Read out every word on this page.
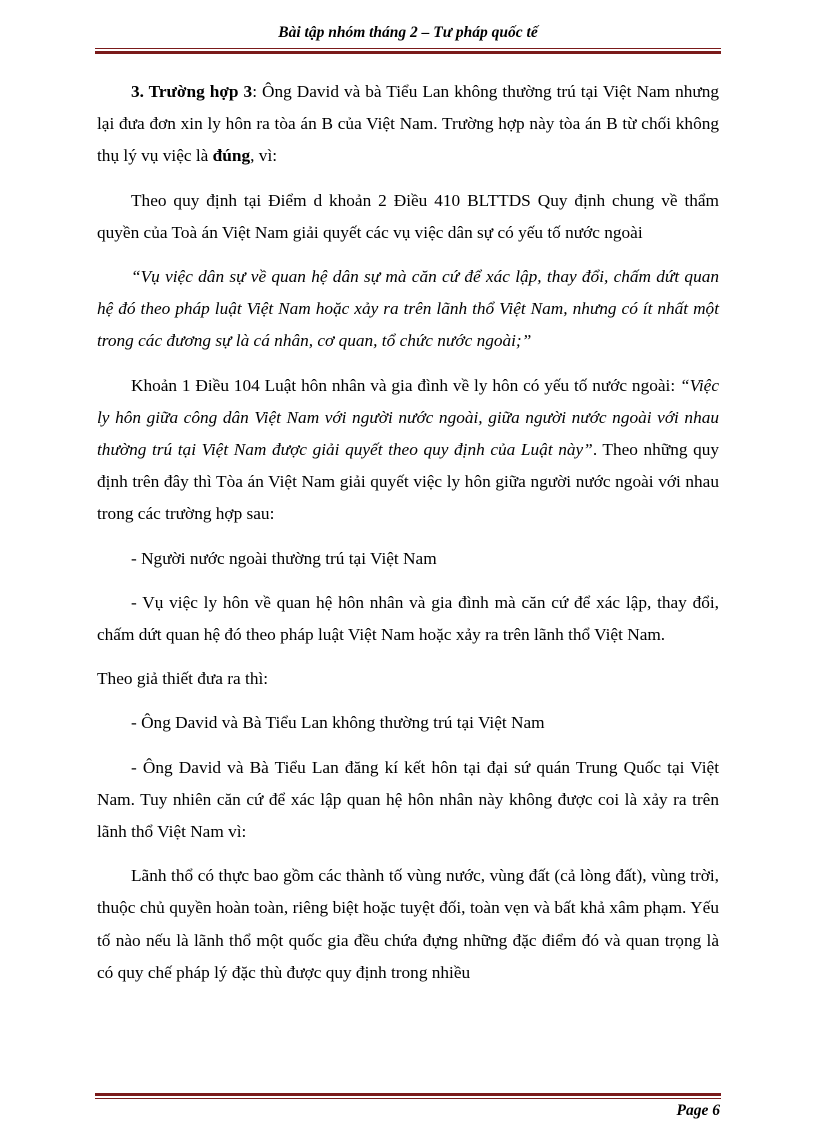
Bài tập nhóm tháng 2 – Tư pháp quốc tế

3. Trường hợp 3: Ông David và bà Tiểu Lan không thường trú tại Việt Nam nhưng lại đưa đơn xin ly hôn ra tòa án B của Việt Nam. Trường hợp này tòa án B từ chối không thụ lý vụ việc là đúng, vì:

Theo quy định tại Điểm d khoản 2 Điều 410 BLTTDS Quy định chung về thẩm quyền của Toà án Việt Nam giải quyết các vụ việc dân sự có yếu tố nước ngoài

“Vụ việc dân sự về quan hệ dân sự mà căn cứ để xác lập, thay đổi, chấm dứt quan hệ đó theo pháp luật Việt Nam hoặc xảy ra trên lãnh thổ Việt Nam, nhưng có ít nhất một trong các đương sự là cá nhân, cơ quan, tổ chức nước ngoài;”

Khoản 1 Điều 104 Luật hôn nhân và gia đình về ly hôn có yếu tố nước ngoài: “Việc ly hôn giữa công dân Việt Nam với người nước ngoài, giữa người nước ngoài với nhau thường trú tại Việt Nam được giải quyết theo quy định của Luật này”. Theo những quy định trên đây thì Tòa án Việt Nam giải quyết việc ly hôn giữa người nước ngoài với nhau trong các trường hợp sau:

- Người nước ngoài thường trú tại Việt Nam

- Vụ việc ly hôn về quan hệ hôn nhân và gia đình mà căn cứ để xác lập, thay đổi, chấm dứt quan hệ đó theo pháp luật Việt Nam hoặc xảy ra trên lãnh thổ Việt Nam.

Theo giả thiết đưa ra thì:

- Ông David và Bà Tiểu Lan không thường trú tại Việt Nam

- Ông David và Bà Tiểu Lan đăng kí kết hôn tại đại sứ quán Trung Quốc tại Việt Nam. Tuy nhiên căn cứ để xác lập quan hệ hôn nhân này không được coi là xảy ra trên lãnh thổ Việt Nam vì:

Lãnh thổ có thực bao gồm các thành tố vùng nước, vùng đất (cả lòng đất), vùng trời, thuộc chủ quyền hoàn toàn, riêng biệt hoặc tuyệt đối, toàn vẹn và bất khả xâm phạm. Yếu tố nào nếu là lãnh thổ một quốc gia đều chứa đựng những đặc điểm đó và quan trọng là có quy chế pháp lý đặc thù được quy định trong nhiều

Page 6
